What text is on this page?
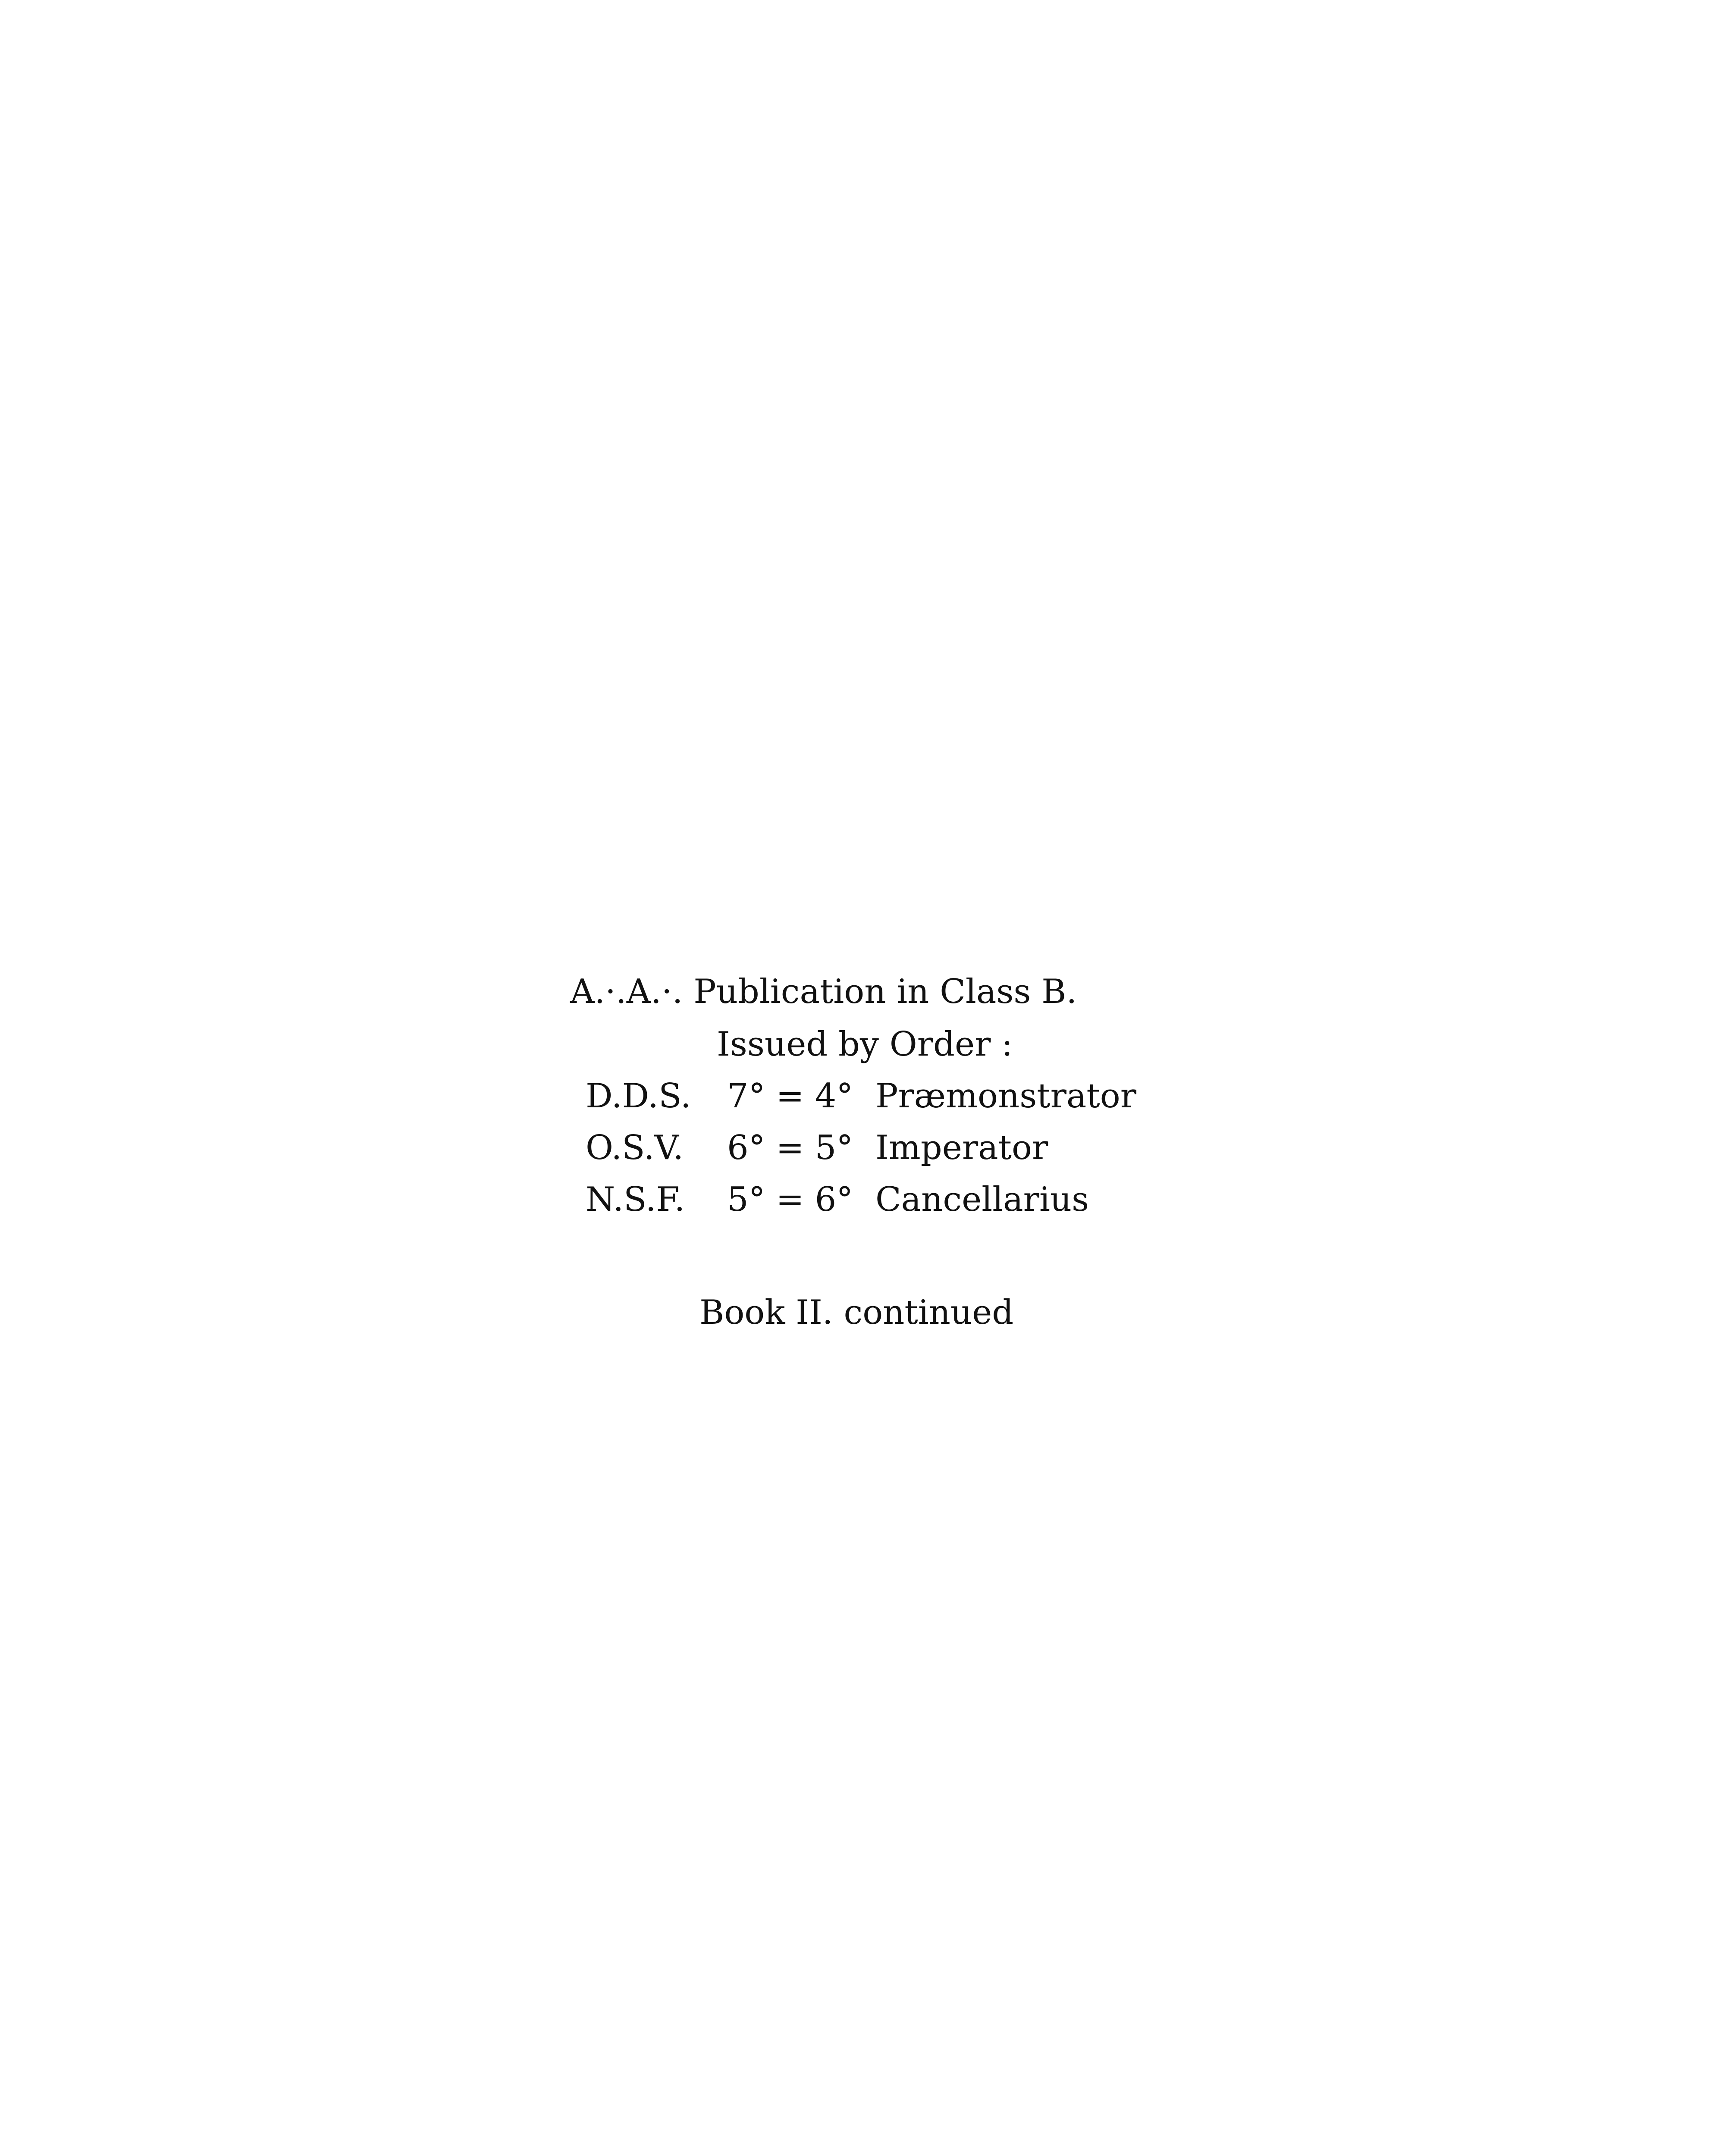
A.·.A.·. Publication in Class B.
Issued by Order :
D.D.S. 7° = 4° Præmonstrator
O.S.V. 6° = 5° Imperator
N.S.F. 5° = 6° Cancellarius
Book II. continued
